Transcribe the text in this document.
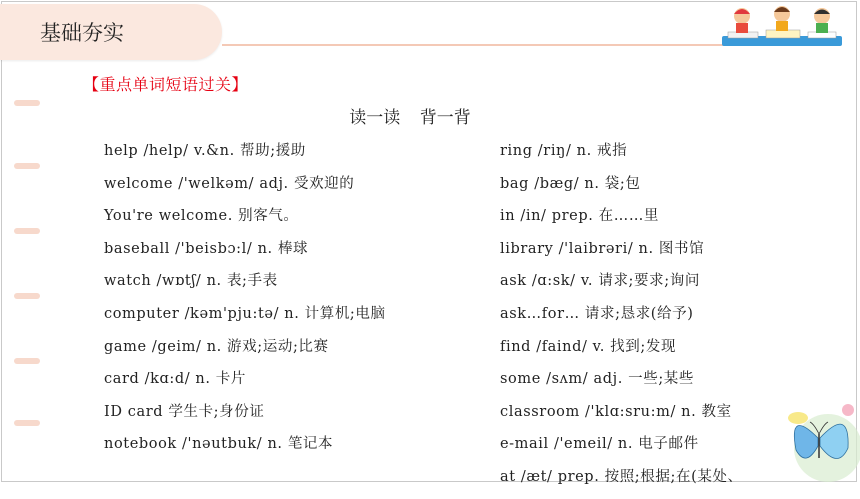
基础夯实
【重点单词短语过关】
读一读 背一背
help /help/ v.&n. 帮助;援助
welcome /'welkəm/ adj. 受欢迎的
You're welcome. 别客气。
baseball /'beisbɔ:l/ n. 棒球
watch /wɒtʃ/ n. 表;手表
computer /kəm'pju:tə/ n. 计算机;电脑
game /geim/ n. 游戏;运动;比赛
card /kɑ:d/ n. 卡片
ID card 学生卡;身份证
notebook /'nəutbuk/ n. 笔记本
ring /riŋ/ n. 戒指
bag /bæg/ n. 袋;包
in /in/ prep. 在……里
library /'laibrəri/ n. 图书馆
ask /ɑ:sk/ v. 请求;要求;询问
ask…for… 请求;恳求(给予)
find /faind/ v. 找到;发现
some /sʌm/ adj. 一些;某些
classroom /'klɑ:sru:m/ n. 教室
e-mail /'emeil/ n. 电子邮件
at /æt/ prep. 按照;根据;在(某处、
